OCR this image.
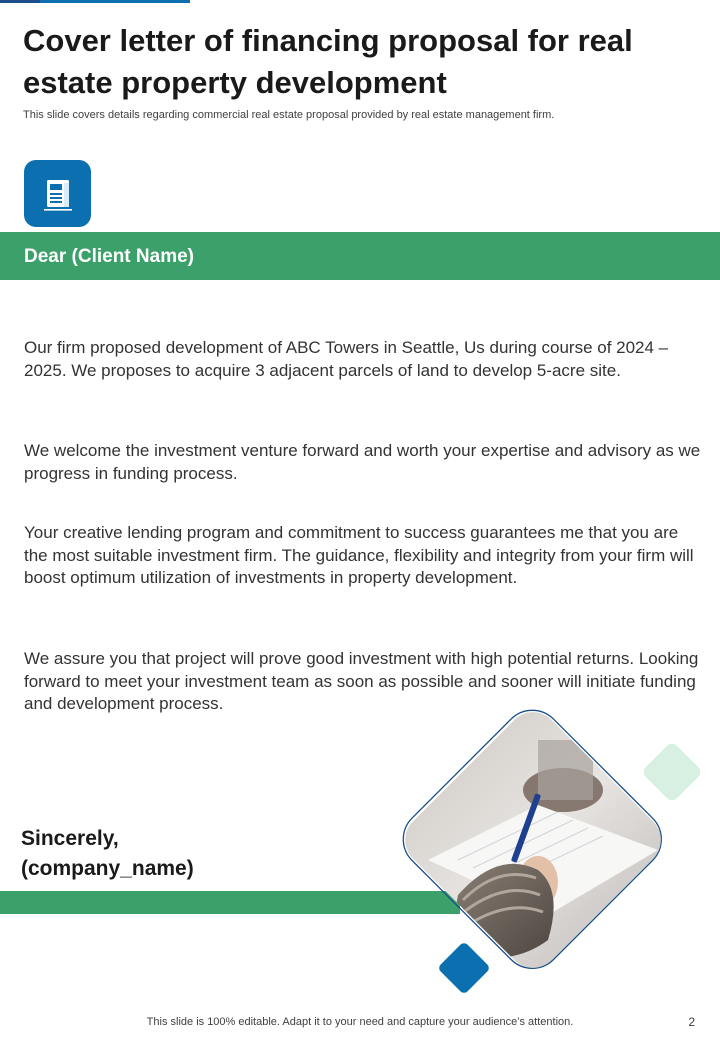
Cover letter of financing proposal for real estate property development
This slide covers details regarding commercial real estate proposal provided by real estate management firm.
Dear (Client Name)

Our firm proposed development of ABC Towers in Seattle, Us during course of 2024 – 2025. We proposes to acquire 3 adjacent parcels of land to develop 5-acre site.

We welcome the investment venture forward and worth your expertise and advisory as we progress in funding process.

Your creative lending program and commitment to success guarantees me that you are the most suitable investment firm. The guidance, flexibility and integrity from your firm will boost optimum utilization of investments in property development.

We assure you that project will prove good investment with high potential returns. Looking forward to meet your investment team as soon as possible and sooner will initiate funding and development process.

Sincerely,
(company_name)
This slide is 100% editable. Adapt it to your need and capture your audience’s attention.	2
